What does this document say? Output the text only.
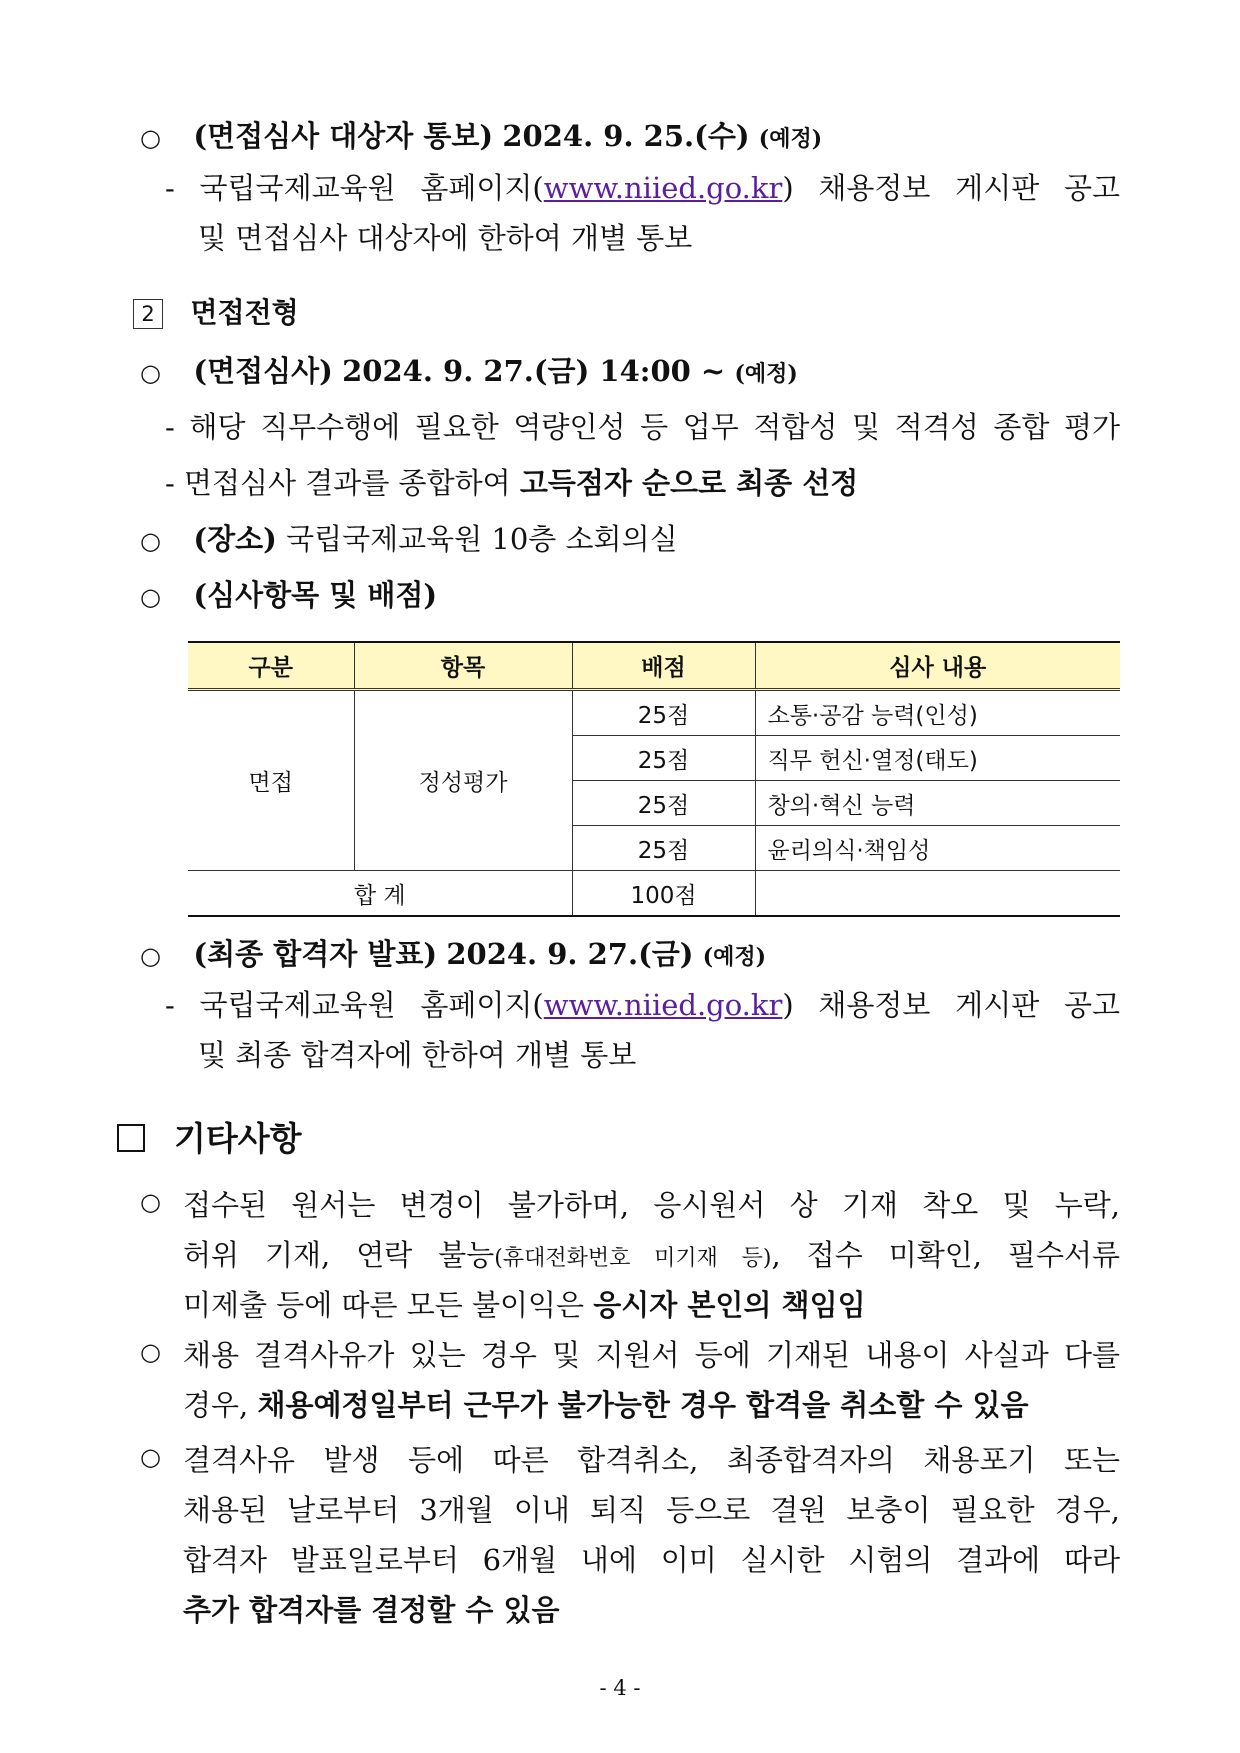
○ (면접심사 대상자 통보) 2024. 9. 25.(수) (예정)
- 국립국제교육원 홈페이지(www.niied.go.kr) 채용정보 게시판 공고
및 면접심사 대상자에 한하여 개별 통보
2 면접전형
○ (면접심사) 2024. 9. 27.(금) 14:00 ~ (예정)
- 해당 직무수행에 필요한 역량인성 등 업무 적합성 및 적격성 종합 평가
- 면접심사 결과를 종합하여 고득점자 순으로 최종 선정
○ (장소) 국립국제교육원 10층 소회의실
○ (심사항목 및 배점)
구분	항목	배점	심사 내용
면접	정성평가	25점	소통·공감 능력(인성)
		25점	직무 헌신·열정(태도)
		25점	창의·혁신 능력
		25점	윤리의식·책임성
합 계		100점	
○ (최종 합격자 발표) 2024. 9. 27.(금) (예정)
- 국립국제교육원 홈페이지(www.niied.go.kr) 채용정보 게시판 공고
및 최종 합격자에 한하여 개별 통보
기타사항
○ 접수된 원서는 변경이 불가하며, 응시원서 상 기재 착오 및 누락,
허위 기재, 연락 불능(휴대전화번호 미기재 등), 접수 미확인, 필수서류
미제출 등에 따른 모든 불이익은 응시자 본인의 책임임
○ 채용 결격사유가 있는 경우 및 지원서 등에 기재된 내용이 사실과 다를
경우, 채용예정일부터 근무가 불가능한 경우 합격을 취소할 수 있음
○ 결격사유 발생 등에 따른 합격취소, 최종합격자의 채용포기 또는
채용된 날로부터 3개월 이내 퇴직 등으로 결원 보충이 필요한 경우,
합격자 발표일로부터 6개월 내에 이미 실시한 시험의 결과에 따라
추가 합격자를 결정할 수 있음
- 4 -
